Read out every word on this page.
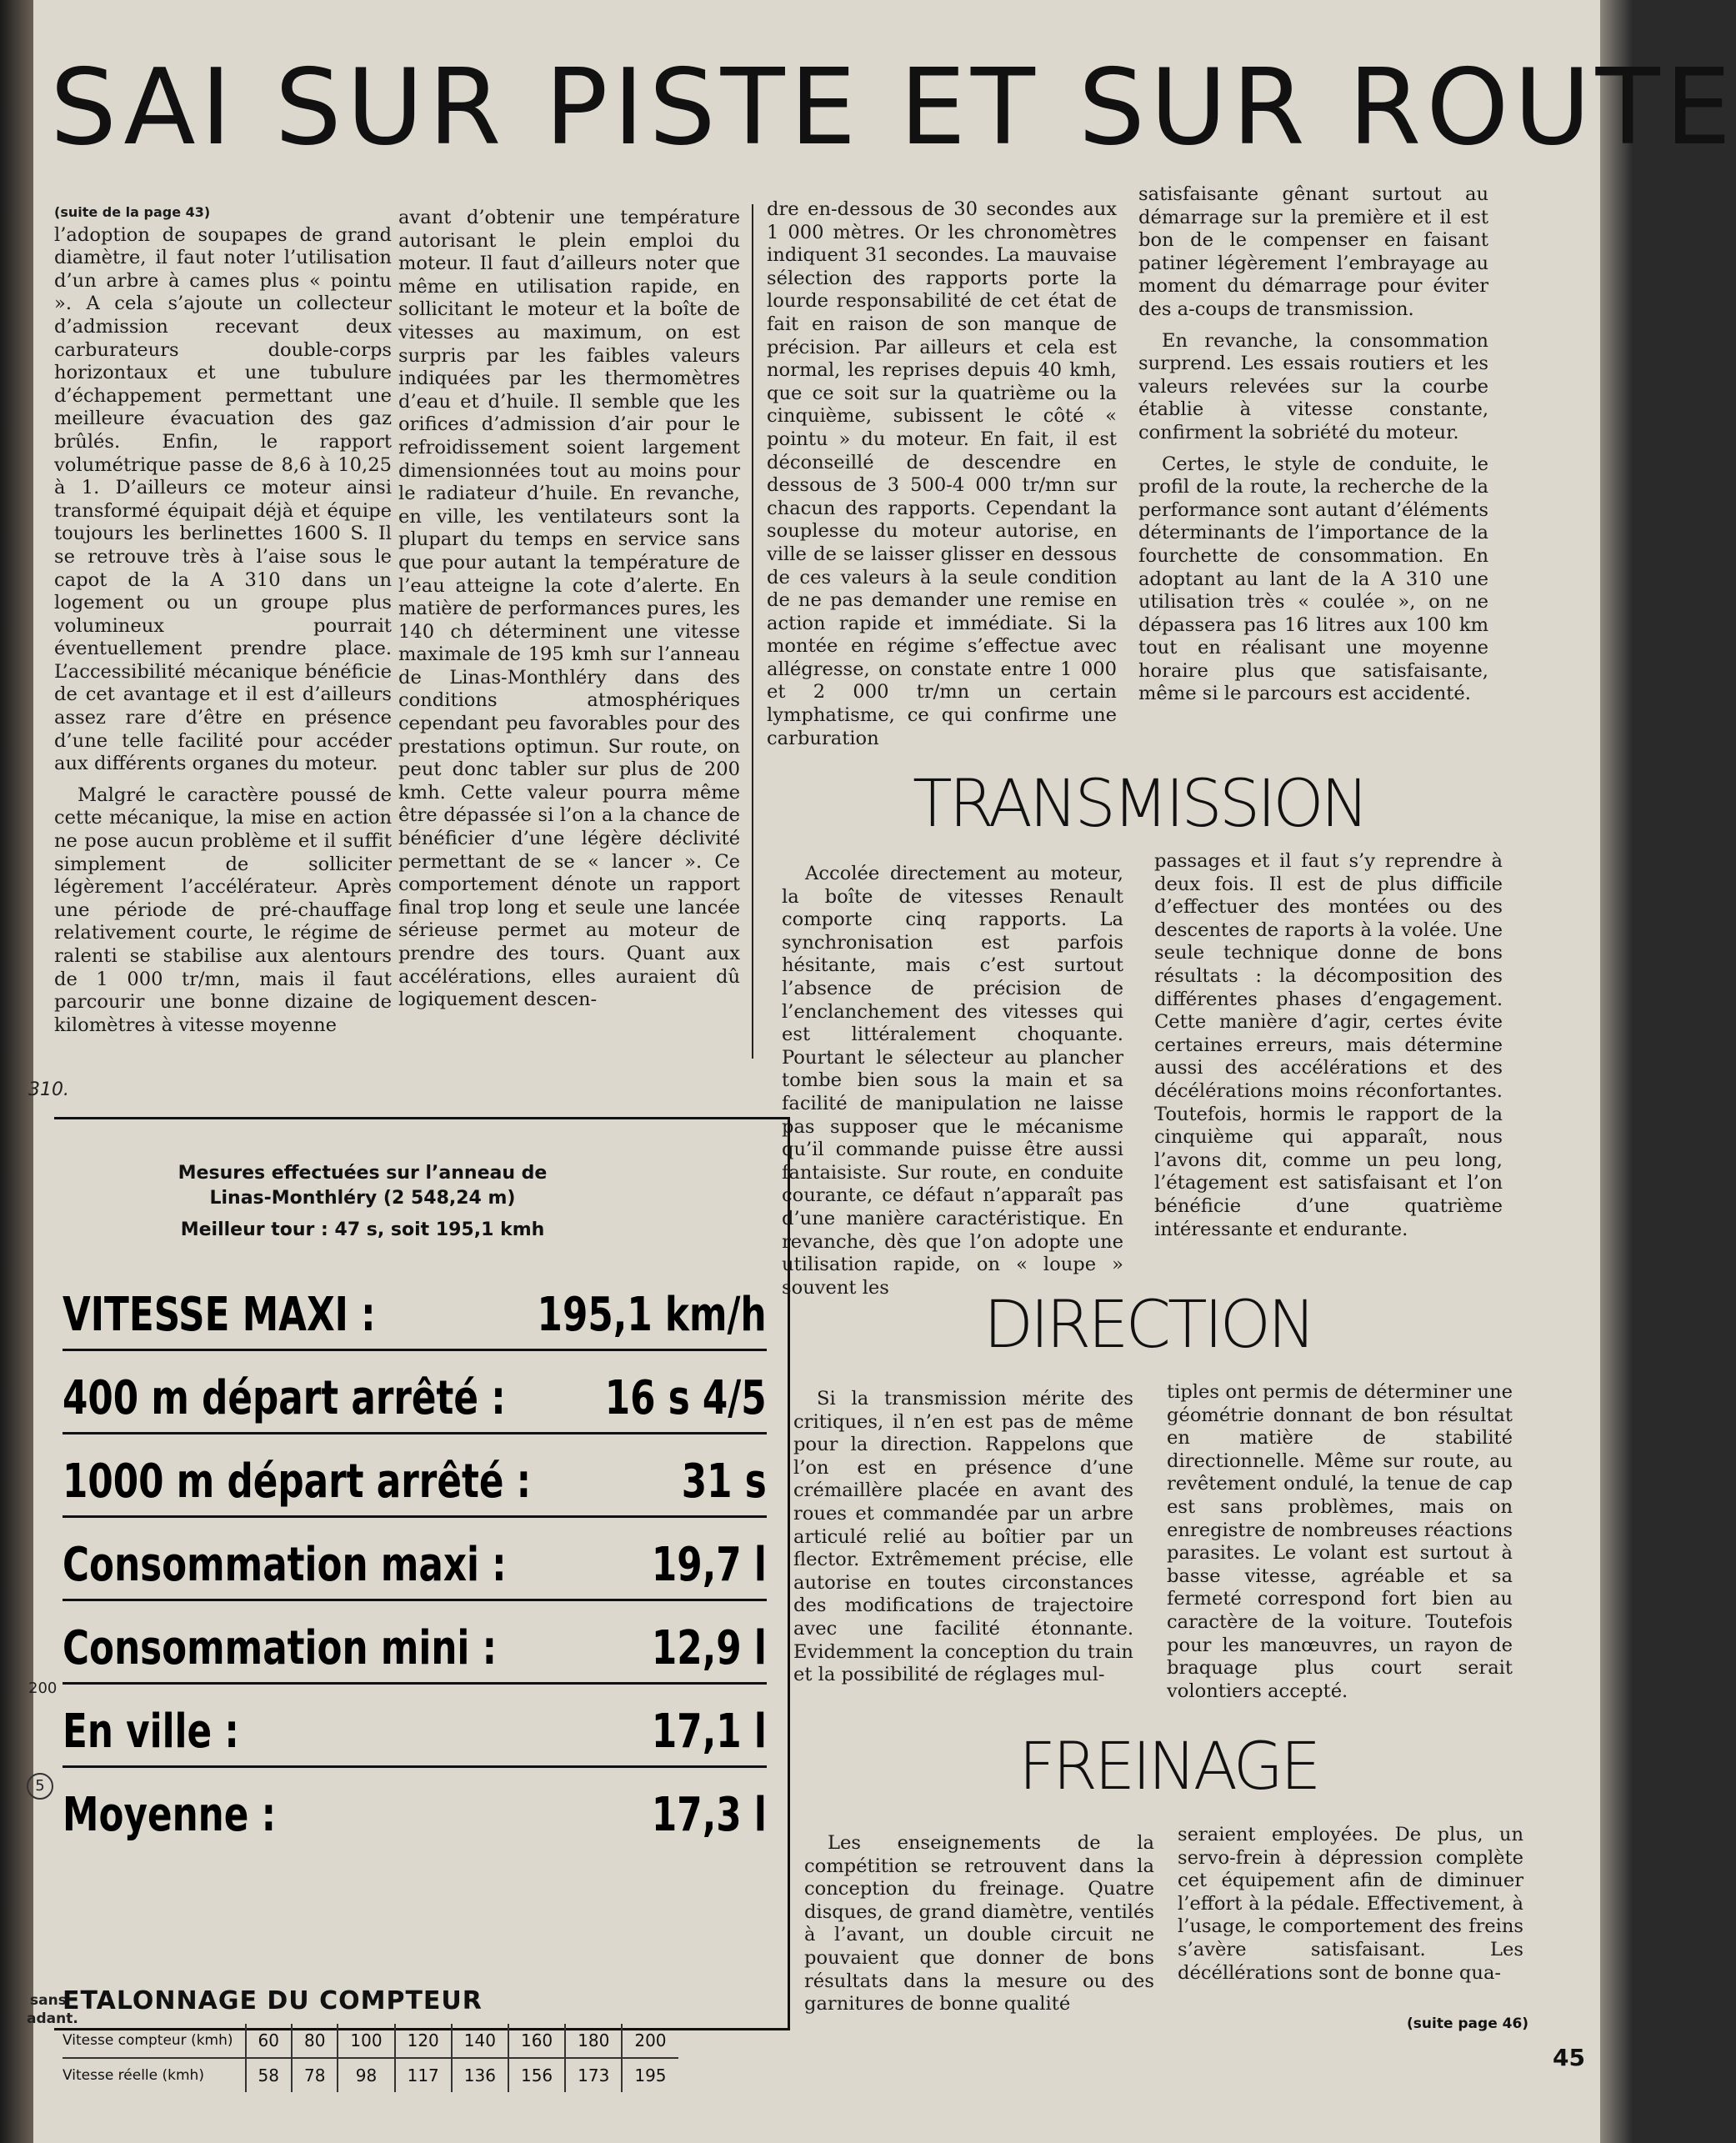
SAI SUR PISTE ET SUR ROUTE
310.
200
5
sans
adant.

(suite de la page 43)

l’adoption de soupapes de grand diamètre, il faut noter l’utilisation d’un arbre à cames plus « pointu ». A cela s’ajoute un collecteur d’admission recevant deux carburateurs double-corps horizontaux et une tubulure d’échappement permettant une meilleure évacuation des gaz brûlés. Enfin, le rapport volumétrique passe de 8,6 à 10,25 à 1. D’ailleurs ce moteur ainsi transformé équipait déjà et équipe toujours les berlinettes 1600 S. Il se retrouve très à l’aise sous le capot de la A 310 dans un logement ou un groupe plus volumineux pourrait éventuellement prendre place. L’accessibilité mécanique bénéficie de cet avantage et il est d’ailleurs assez rare d’être en présence d’une telle facilité pour accéder aux différents organes du moteur.

Malgré le caractère poussé de cette mécanique, la mise en action ne pose aucun problème et il suffit simplement de solliciter légèrement l’accélérateur. Après une période de pré-chauffage relativement courte, le régime de ralenti se stabilise aux alentours de 1 000 tr/mn, mais il faut parcourir une bonne dizaine de kilomètres à vitesse moyenne

avant d’obtenir une température autorisant le plein emploi du moteur. Il faut d’ailleurs noter que même en utilisation rapide, en sollicitant le moteur et la boîte de vitesses au maximum, on est surpris par les faibles valeurs indiquées par les thermomètres d’eau et d’huile. Il semble que les orifices d’admission d’air pour le refroidissement soient largement dimensionnées tout au moins pour le radiateur d’huile. En revanche, en ville, les ventilateurs sont la plupart du temps en service sans que pour autant la température de l’eau atteigne la cote d’alerte. En matière de performances pures, les 140 ch déterminent une vitesse maximale de 195 kmh sur l’anneau de Linas-Monthléry dans des conditions atmosphériques cependant peu favorables pour des prestations optimun. Sur route, on peut donc tabler sur plus de 200 kmh. Cette valeur pourra même être dépassée si l’on a la chance de bénéficier d’une légère déclivité permettant de se « lancer ». Ce comportement dénote un rapport final trop long et seule une lancée sérieuse permet au moteur de prendre des tours. Quant aux accélérations, elles auraient dû logiquement descen-

dre en-dessous de 30 secondes aux 1 000 mètres. Or les chronomètres indiquent 31 secondes. La mauvaise sélection des rapports porte la lourde responsabilité de cet état de fait en raison de son manque de précision. Par ailleurs et cela est normal, les reprises depuis 40 kmh, que ce soit sur la quatrième ou la cinquième, subissent le côté « pointu » du moteur. En fait, il est déconseillé de descendre en dessous de 3 500-4 000 tr/mn sur chacun des rapports. Cependant la souplesse du moteur autorise, en ville de se laisser glisser en dessous de ces valeurs à la seule condition de ne pas demander une remise en action rapide et immédiate. Si la montée en régime s’effectue avec allégresse, on constate entre 1 000 et 2 000 tr/mn un certain lymphatisme, ce qui confirme une carburation

satisfaisante gênant surtout au démarrage sur la première et il est bon de le compenser en faisant patiner légèrement l’embrayage au moment du démarrage pour éviter des a-coups de transmission.

En revanche, la consommation surprend. Les essais routiers et les valeurs relevées sur la courbe établie à vitesse constante, confirment la sobriété du moteur.

Certes, le style de conduite, le profil de la route, la recherche de la performance sont autant d’éléments déterminants de l’importance de la fourchette de consommation. En adoptant au lant de la A 310 une utilisation très « coulée », on ne dépassera pas 16 litres aux 100 km tout en réalisant une moyenne horaire plus que satisfaisante, même si le parcours est accidenté.

TRANSMISSION

Accolée directement au moteur, la boîte de vitesses Renault comporte cinq rapports. La synchronisation est parfois hésitante, mais c’est surtout l’absence de précision de l’enclanchement des vitesses qui est littéralement choquante. Pourtant le sélecteur au plancher tombe bien sous la main et sa facilité de manipulation ne laisse pas supposer que le mécanisme qu’il commande puisse être aussi fantaisiste. Sur route, en conduite courante, ce défaut n’apparaît pas d’une manière caractéristique. En revanche, dès que l’on adopte une utilisation rapide, on « loupe » souvent les

passages et il faut s’y reprendre à deux fois. Il est de plus difficile d’effectuer des montées ou des descentes de raports à la volée. Une seule technique donne de bons résultats : la décomposition des différentes phases d’engagement. Cette manière d’agir, certes évite certaines erreurs, mais détermine aussi des accélérations et des décélérations moins réconfortantes. Toutefois, hormis le rapport de la cinquième qui apparaît, nous l’avons dit, comme un peu long, l’étagement est satisfaisant et l’on bénéficie d’une quatrième intéressante et endurante.

DIRECTION

Si la transmission mérite des critiques, il n’en est pas de même pour la direction. Rappelons que l’on est en présence d’une crémaillère placée en avant des roues et commandée par un arbre articulé relié au boîtier par un flector. Extrêmement précise, elle autorise en toutes circonstances des modifications de trajectoire avec une facilité étonnante. Evidemment la conception du train et la possibilité de réglages mul-

tiples ont permis de déterminer une géométrie donnant de bon résultat en matière de stabilité directionnelle. Même sur route, au revêtement ondulé, la tenue de cap est sans problèmes, mais on enregistre de nombreuses réactions parasites. Le volant est surtout à basse vitesse, agréable et sa fermeté correspond fort bien au caractère de la voiture. Toutefois pour les manœuvres, un rayon de braquage plus court serait volontiers accepté.

FREINAGE

Les enseignements de la compétition se retrouvent dans la conception du freinage. Quatre disques, de grand diamètre, ventilés à l’avant, un double circuit ne pouvaient que donner de bons résultats dans la mesure ou des garnitures de bonne qualité

seraient employées. De plus, un servo-frein à dépression complète cet équipement afin de diminuer l’effort à la pédale. Effectivement, à l’usage, le comportement des freins s’avère satisfaisant. Les décéllérations sont de bonne qua-

(suite page 46)
Mesures effectuées sur l’anneau de Linas-Monthléry (2 548,24 m)
Meilleur tour : 47 s, soit 195,1 kmh
VITESSE MAXI :	195,1 km/h
400 m départ arrêté : 16 s 4/5
1000 m départ arrêté :	31 s
Consommation maxi :	19,7 l
Consommation mini :	12,9 l
En ville :	17,1 l
Moyenne :	17,3 l
ETALONNAGE DU COMPTEUR
Vitesse compteur (kmh)	60	80	100	120	140	160	180	200
Vitesse réelle (kmh)	58	78	98	117	136	156	173	195
45
